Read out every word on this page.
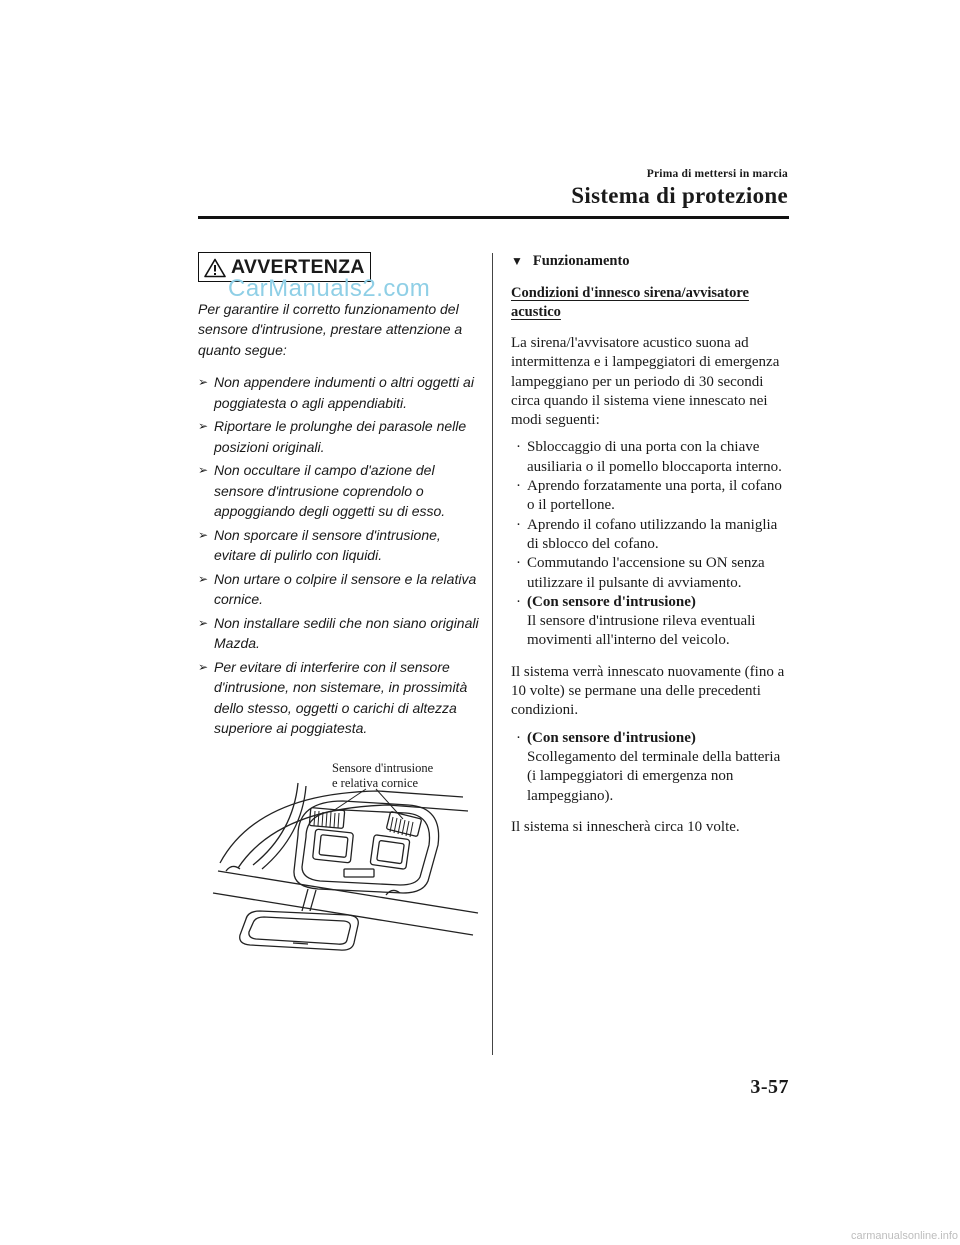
Prima di mettersi in marcia
Sistema di protezione
AVVERTENZA
CarManuals2.com
Per garantire il corretto funzionamento del sensore d'intrusione, prestare attenzione a quanto segue:
➢ Non appendere indumenti o altri oggetti ai poggiatesta o agli appendiabiti.
➢ Riportare le prolunghe dei parasole nelle posizioni originali.
➢ Non occultare il campo d'azione del sensore d'intrusione coprendolo o appoggiando degli oggetti su di esso.
➢ Non sporcare il sensore d'intrusione, evitare di pulirlo con liquidi.
➢ Non urtare o colpire il sensore e la relativa cornice.
➢ Non installare sedili che non siano originali Mazda.
➢ Per evitare di interferire con il sensore d'intrusione, non sistemare, in prossimità dello stesso, oggetti o carichi di altezza superiore ai poggiatesta.
Sensore d'intrusione
e relativa cornice
▼ Funzionamento
Condizioni d'innesco sirena/avvisatore acustico
La sirena/l'avvisatore acustico suona ad intermittenza e i lampeggiatori di emergenza lampeggiano per un periodo di 30 secondi circa quando il sistema viene innescato nei modi seguenti:
· Sbloccaggio di una porta con la chiave ausiliaria o il pomello bloccaporta interno.
· Aprendo forzatamente una porta, il cofano o il portellone.
· Aprendo il cofano utilizzando la maniglia di sblocco del cofano.
· Commutando l'accensione su ON senza utilizzare il pulsante di avviamento.
· (Con sensore d'intrusione)
Il sensore d'intrusione rileva eventuali movimenti all'interno del veicolo.
Il sistema verrà innescato nuovamente (fino a 10 volte) se permane una delle precedenti condizioni.
· (Con sensore d'intrusione)
Scollegamento del terminale della batteria (i lampeggiatori di emergenza non lampeggiano).
Il sistema si innescherà circa 10 volte.
3-57
carmanualsonline.info
